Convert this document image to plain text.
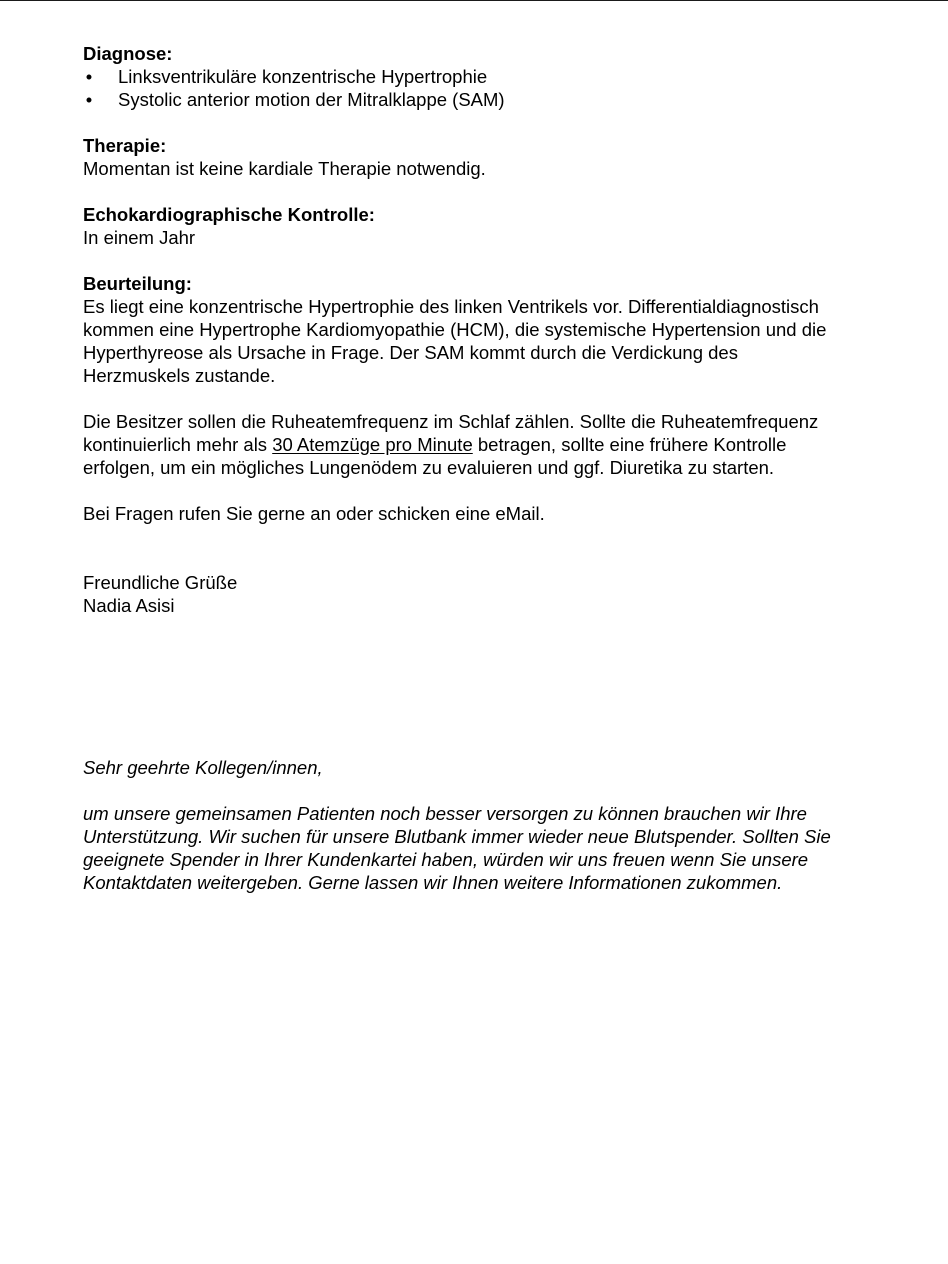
Diagnose:
• Linksventrikuläre konzentrische Hypertrophie
• Systolic anterior motion der Mitralklappe (SAM)
Therapie:
Momentan ist keine kardiale Therapie notwendig.
Echokardiographische Kontrolle:
In einem Jahr
Beurteilung:
Es liegt eine konzentrische Hypertrophie des linken Ventrikels vor. Differentialdiagnostisch
kommen eine Hypertrophe Kardiomyopathie (HCM), die systemische Hypertension und die
Hyperthyreose als Ursache in Frage. Der SAM kommt durch die Verdickung des
Herzmuskels zustande.
Die Besitzer sollen die Ruheatemfrequenz im Schlaf zählen. Sollte die Ruheatemfrequenz
kontinuierlich mehr als 30 Atemzüge pro Minute betragen, sollte eine frühere Kontrolle
erfolgen, um ein mögliches Lungenödem zu evaluieren und ggf. Diuretika zu starten.
Bei Fragen rufen Sie gerne an oder schicken eine eMail.
Freundliche Grüße
Nadia Asisi
Sehr geehrte Kollegen/innen,
um unsere gemeinsamen Patienten noch besser versorgen zu können brauchen wir Ihre
Unterstützung. Wir suchen für unsere Blutbank immer wieder neue Blutspender. Sollten Sie
geeignete Spender in Ihrer Kundenkartei haben, würden wir uns freuen wenn Sie unsere
Kontaktdaten weitergeben. Gerne lassen wir Ihnen weitere Informationen zukommen.
